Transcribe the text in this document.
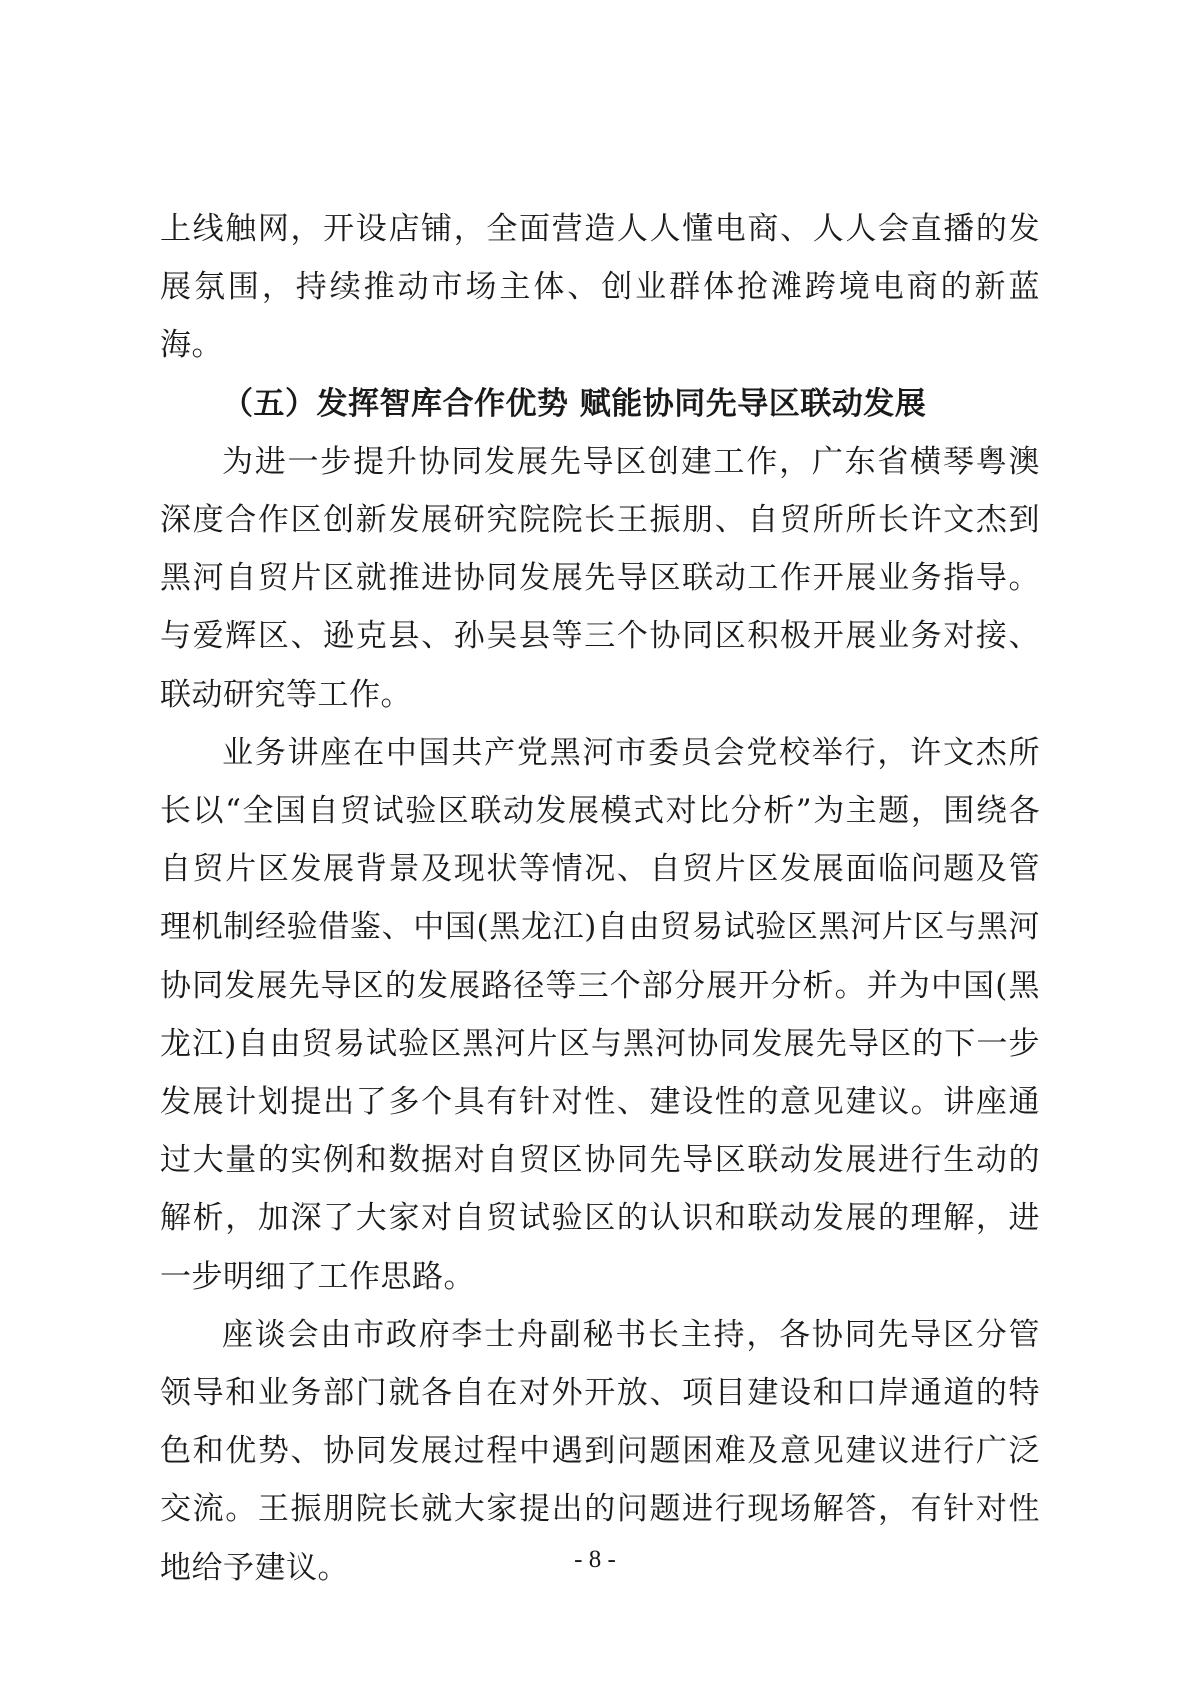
上线触网，开设店铺，全面营造人人懂电商、人人会直播的发展氛围，持续推动市场主体、创业群体抢滩跨境电商的新蓝海。

（五）发挥智库合作优势 赋能协同先导区联动发展

为进一步提升协同发展先导区创建工作，广东省横琴粤澳深度合作区创新发展研究院院长王振朋、自贸所所长许文杰到黑河自贸片区就推进协同发展先导区联动工作开展业务指导。与爱辉区、逊克县、孙吴县等三个协同区积极开展业务对接、联动研究等工作。

业务讲座在中国共产党黑河市委员会党校举行，许文杰所长以“全国自贸试验区联动发展模式对比分析”为主题，围绕各自贸片区发展背景及现状等情况、自贸片区发展面临问题及管理机制经验借鉴、中国(黑龙江)自由贸易试验区黑河片区与黑河协同发展先导区的发展路径等三个部分展开分析。并为中国(黑龙江)自由贸易试验区黑河片区与黑河协同发展先导区的下一步发展计划提出了多个具有针对性、建设性的意见建议。讲座通过大量的实例和数据对自贸区协同先导区联动发展进行生动的解析，加深了大家对自贸试验区的认识和联动发展的理解，进一步明细了工作思路。

座谈会由市政府李士舟副秘书长主持，各协同先导区分管领导和业务部门就各自在对外开放、项目建设和口岸通道的特色和优势、协同发展过程中遇到问题困难及意见建议进行广泛交流。王振朋院长就大家提出的问题进行现场解答，有针对性地给予建议。	- 8 -
